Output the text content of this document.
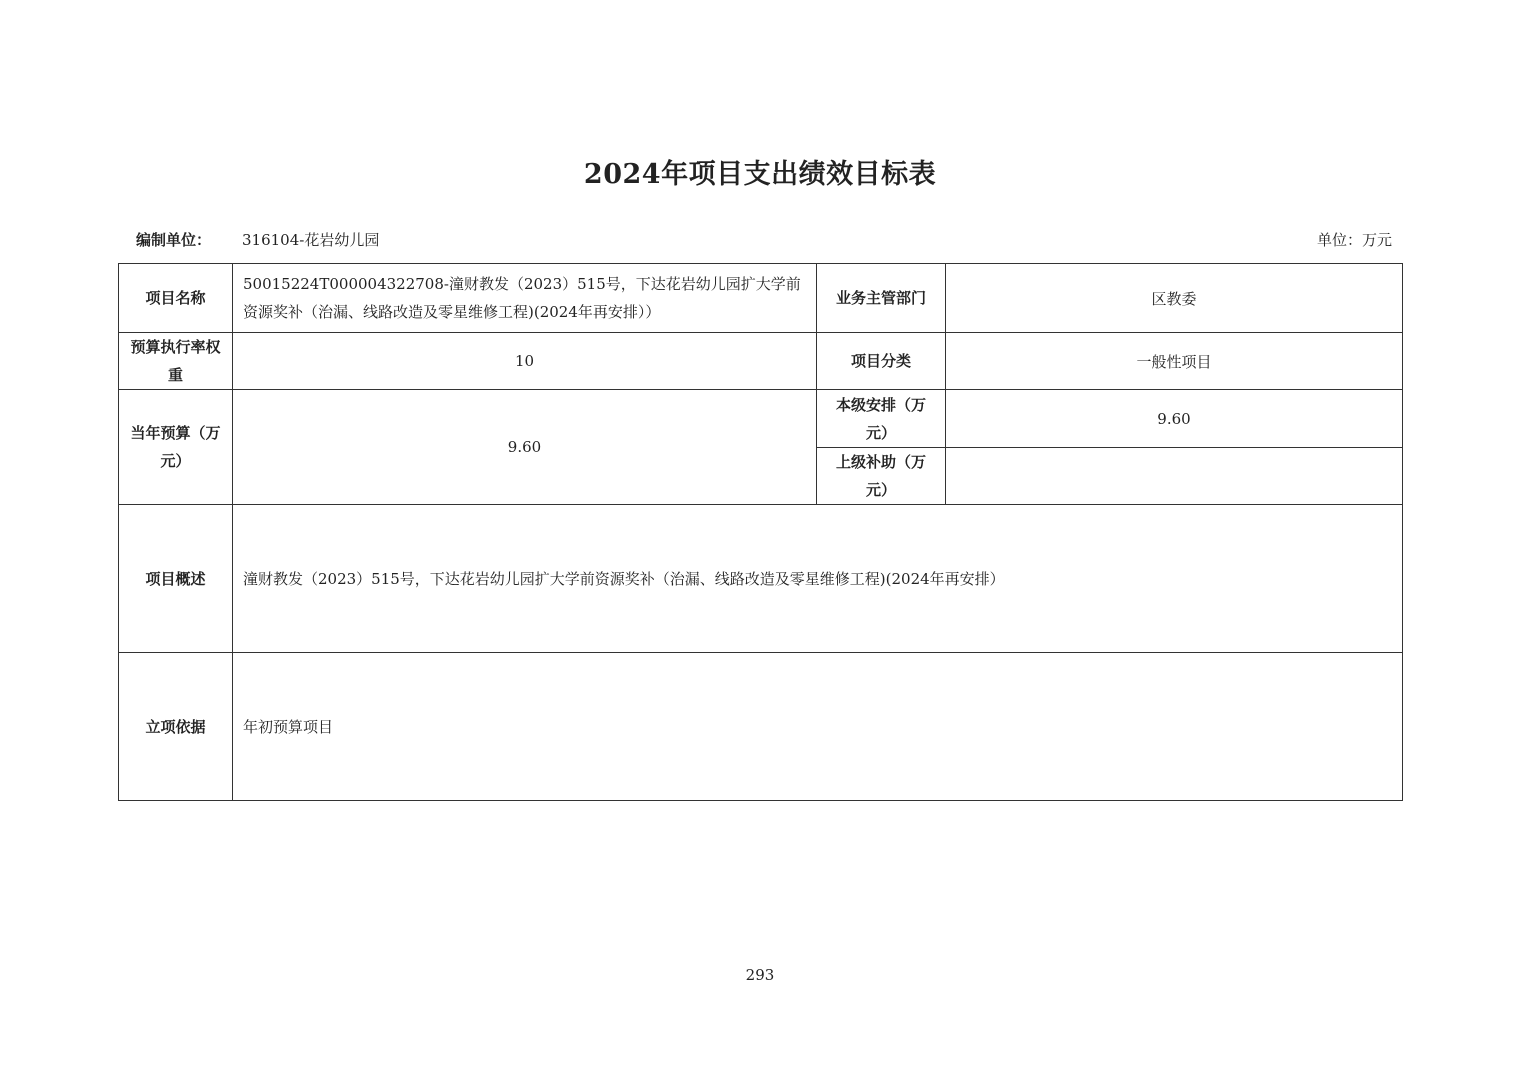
2024年项目支出绩效目标表
编制单位： 316104-花岩幼儿园	单位：万元
项目名称	50015224T000004322708-潼财教发（2023）515号，下达花岩幼儿园扩大学前资源奖补（治漏、线路改造及零星维修工程)(2024年再安排））	业务主管部门	区教委
预算执行率权重	10	项目分类	一般性项目
当年预算（万元）	9.60	本级安排（万元）	9.60
		上级补助（万元）	
项目概述	潼财教发（2023）515号，下达花岩幼儿园扩大学前资源奖补（治漏、线路改造及零星维修工程)(2024年再安排）		
立项依据	年初预算项目		
293
